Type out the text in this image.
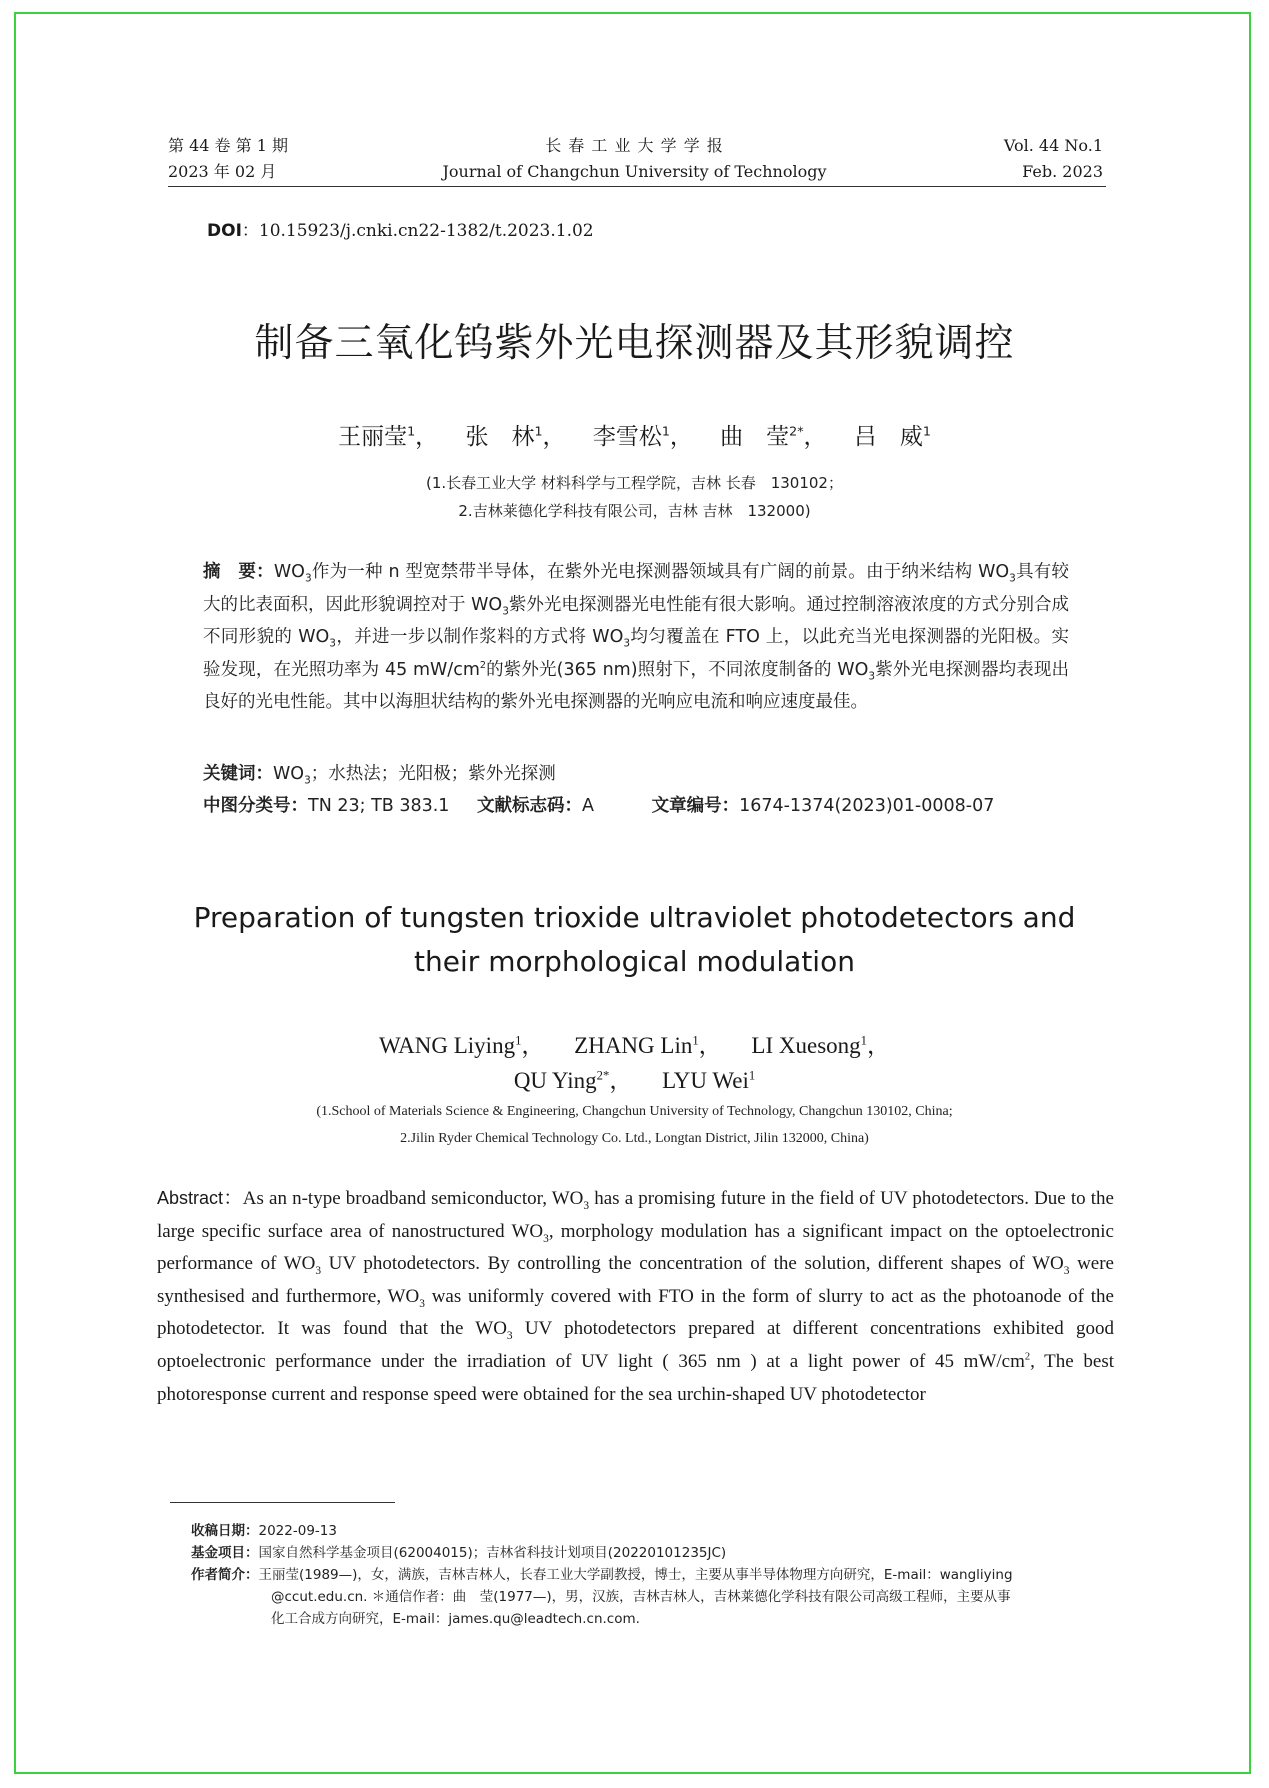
第 44 卷 第 1 期
2023 年 02 月
长 春 工 业 大 学 学 报
Journal of Changchun University of Technology
Vol. 44 No.1
Feb. 2023
DOI：10.15923/j.cnki.cn22-1382/t.2023.1.02
制备三氧化钨紫外光电探测器及其形貌调控
王丽莹$^1$， 张　林$^1$， 李雪松$^1$， 曲　莹$^{2*}$， 吕　威$^1$
(1.长春工业大学 材料科学与工程学院，吉林 长春　130102；
2.吉林莱德化学科技有限公司，吉林 吉林　132000)
摘　要：$WO_3$作为一种 n 型宽禁带半导体，在紫外光电探测器领域具有广阔的前景。由于纳米结构 $WO_3$具有较大的比表面积，因此形貌调控对于 $WO_3$紫外光电探测器光电性能有很大影响。通过控制溶液浓度的方式分别合成不同形貌的 $WO_3$，并进一步以制作浆料的方式将 $WO_3$均匀覆盖在 FTO 上，以此充当光电探测器的光阳极。实验发现，在光照功率为 45 $mW/cm^2$的紫外光(365 nm)照射下，不同浓度制备的 $WO_3$紫外光电探测器均表现出良好的光电性能。其中以海胆状结构的紫外光电探测器的光响应电流和响应速度最佳。
关键词：$WO_3$；水热法；光阳极；紫外光探测
中图分类号：TN 23; TB 383.1 文献标志码：A	文章编号：1674-1374(2023)01-0008-07
Preparation of tungsten trioxide ultraviolet photodetectors and
their morphological modulation
WANG Liying$^1$， ZHANG Lin$^1$， LI Xuesong$^1$，
QU Ying$^{2*}$， LYU Wei$^1$
(1.School of Materials Science & Engineering, Changchun University of Technology, Changchun 130102, China;
2.Jilin Ryder Chemical Technology Co. Ltd., Longtan District, Jilin 132000, China)
Abstract：As an n-type broadband semiconductor, $WO_3$ has a promising future in the field of UV photodetectors. Due to the large specific surface area of nanostructured $WO_3$, morphology modulation has a significant impact on the optoelectronic performance of $WO_3$ UV photodetectors. By controlling the concentration of the solution, different shapes of $WO_3$ were synthesised and furthermore, $WO_3$ was uniformly covered with FTO in the form of slurry to act as the photoanode of the photodetector. It was found that the $WO_3$ UV photodetectors prepared at different concentrations exhibited good optoelectronic performance under the irradiation of UV light ( 365 nm ) at a light power of 45 $mW/cm^2$, The best photoresponse current and response speed were obtained for the sea urchin-shaped UV photodetector
收稿日期：2022-09-13
基金项目：国家自然科学基金项目(62004015)；吉林省科技计划项目(20220101235JC)
作者简介：王丽莹(1989—)，女，满族，吉林吉林人，长春工业大学副教授，博士，主要从事半导体物理方向研究，E-mail：wangliying
@ccut.edu.cn. ＊通信作者：曲　莹(1977—)，男，汉族，吉林吉林人，吉林莱德化学科技有限公司高级工程师，主要从事
化工合成方向研究，E-mail：james.qu@leadtech.cn.com.
